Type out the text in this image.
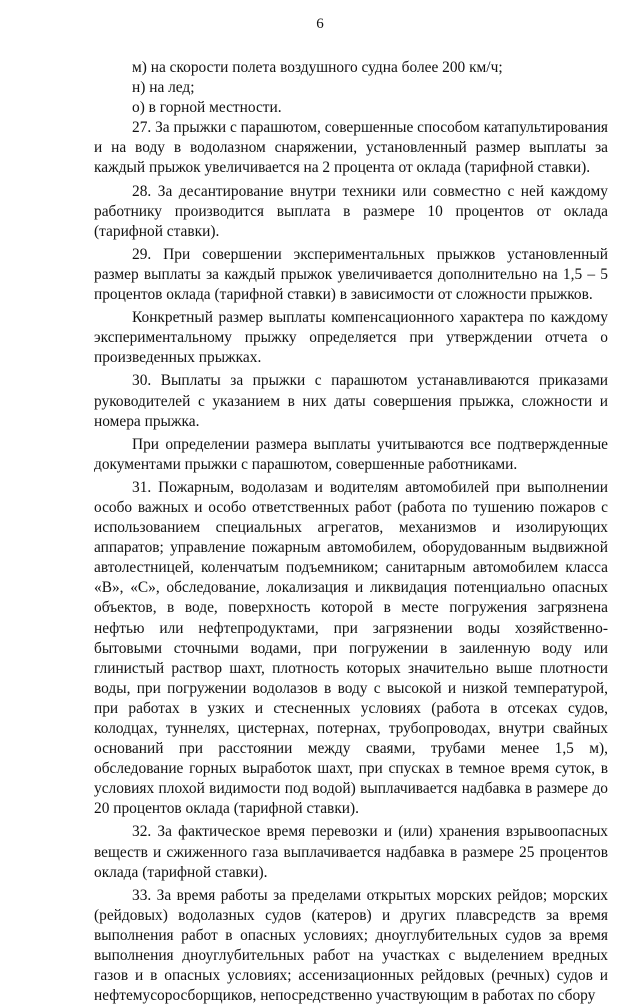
6

м) на скорости полета воздушного судна более 200 км/ч;

н) на лед;

о) в горной местности.

27. За прыжки с парашютом, совершенные способом катапультирования и на воду в водолазном снаряжении, установленный размер выплаты за каждый прыжок увеличивается на 2 процента от оклада (тарифной ставки).

28. За десантирование внутри техники или совместно с ней каждому работнику производится выплата в размере 10 процентов от оклада (тарифной ставки).

29. При совершении экспериментальных прыжков установленный размер выплаты за каждый прыжок увеличивается дополнительно на 1,5 – 5 процентов оклада (тарифной ставки) в зависимости от сложности прыжков.

Конкретный размер выплаты компенсационного характера по каждому экспериментальному прыжку определяется при утверждении отчета о произведенных прыжках.

30. Выплаты за прыжки с парашютом устанавливаются приказами руководителей с указанием в них даты совершения прыжка, сложности и номера прыжка.

При определении размера выплаты учитываются все подтвержденные документами прыжки с парашютом, совершенные работниками.

31. Пожарным, водолазам и водителям автомобилей при выполнении особо важных и особо ответственных работ (работа по тушению пожаров с использованием специальных агрегатов, механизмов и изолирующих аппаратов; управление пожарным автомобилем, оборудованным выдвижной автолестницей, коленчатым подъемником; санитарным автомобилем класса «В», «С», обследование, локализация и ликвидация потенциально опасных объектов, в воде, поверхность которой в месте погружения загрязнена нефтью или нефтепродуктами, при загрязнении воды хозяйственно-бытовыми сточными водами, при погружении в заиленную воду или глинистый раствор шахт, плотность которых значительно выше плотности воды, при погружении водолазов в воду с высокой и низкой температурой, при работах в узких и стесненных условиях (работа в отсеках судов, колодцах, туннелях, цистернах, потернах, трубопроводах, внутри свайных оснований при расстоянии между сваями, трубами менее 1,5 м), обследование горных выработок шахт, при спусках в темное время суток, в условиях плохой видимости под водой) выплачивается надбавка в размере до 20 процентов оклада (тарифной ставки).

32. За фактическое время перевозки и (или) хранения взрывоопасных веществ и сжиженного газа выплачивается надбавка в размере 25 процентов оклада (тарифной ставки).

33. За время работы за пределами открытых морских рейдов; морских (рейдовых) водолазных судов (катеров) и других плавсредств за время выполнения работ в опасных условиях; дноуглубительных судов за время выполнения дноуглубительных работ на участках с выделением вредных газов и в опасных условиях; ассенизационных рейдовых (речных) судов и нефтемусоросборщиков, непосредственно участвующим в работах по сбору
